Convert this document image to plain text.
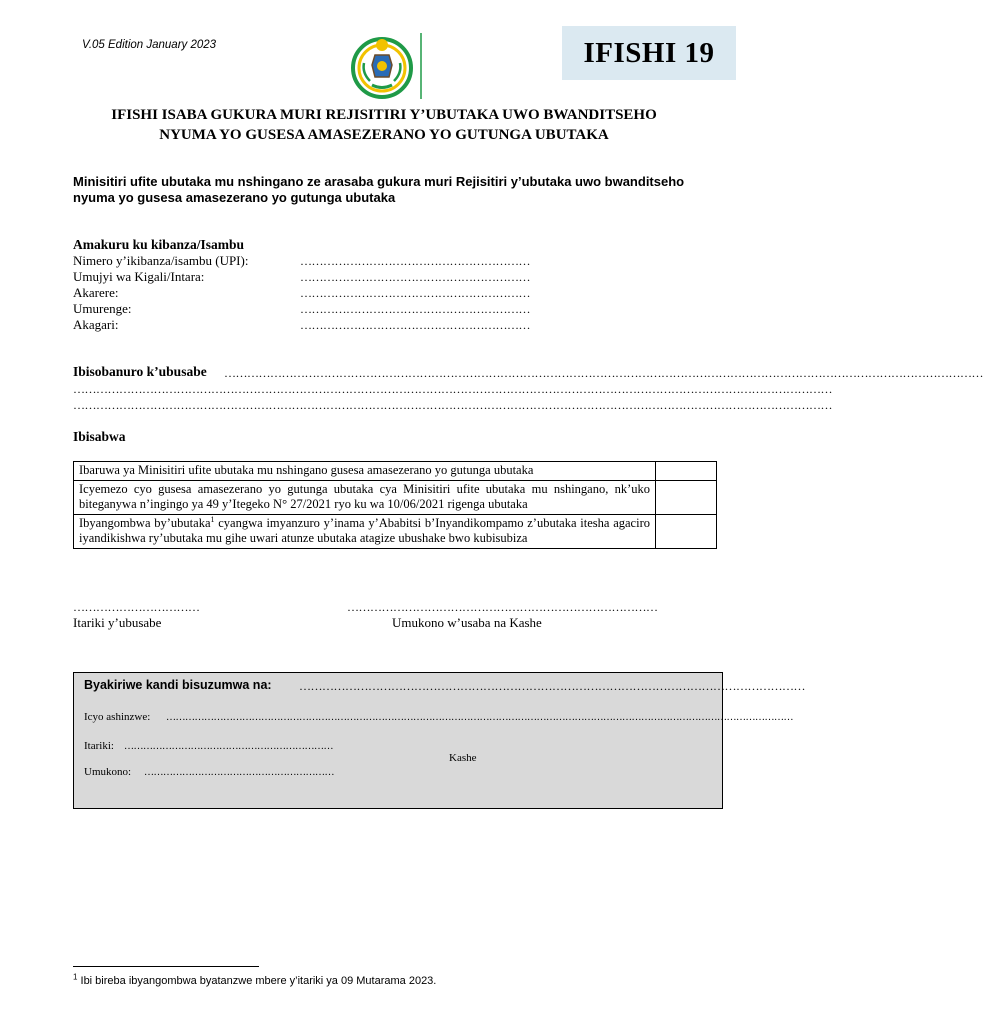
V.05 Edition January 2023	IFISHI 19
IFISHI ISABA GUKURA MURI REJISITIRI Y’UBUTAKA UWO BWANDITSEHO
NYUMA YO GUSESA AMASEZERANO YO GUTUNGA UBUTAKA
Minisitiri ufite ubutaka mu nshingano ze arasaba gukura muri Rejisitiri y’ubutaka uwo bwanditseho nyuma yo gusesa amasezerano yo gutunga ubutaka
Amakuru ku kibanza/Isambu
Nimero y’ikibanza/isambu (UPI):	……………………………………………………
Umujyi wa Kigali/Intara:	……………………………………………………
Akarere:	……………………………………………………
Umurenge:	……………………………………………………
Akagari:	……………………………………………………
Ibisobanuro k’ubusabe ………………………………………………………………………………………………………………………………………………………………………………
………………………………………………………………………………………………………………………………………………………………………………
………………………………………………………………………………………………………………………………………………………………………………
Ibisabwa
Ibaruwa ya Minisitiri ufite ubutaka mu nshingano gusesa amasezerano yo gutunga ubutaka	
Icyemezo cyo gusesa amasezerano yo gutunga ubutaka cya Minisitiri ufite ubutaka mu nshingano, nk’uko biteganywa n’ingingo ya 49 y’Itegeko N° 27/2021 ryo ku wa 10/06/2021 rigenga ubutaka	
Ibyangombwa by’ubutaka$^1$ cyangwa imyanzuro y’inama y’Ababitsi b’Inyandikompamo z’ubutaka itesha agaciro iyandikishwa ry’ubutaka mu gihe uwari atunze ubutaka atagize ubushake bwo kubisubiza	
……………………………	………………………………………………………………………
Itariki y’ubusabe	Umukono w’usaba na Kashe
Byakiriwe kandi bisuzumwa na: ……………………………………………………………………………………………………………………
Icyo ashinzwe: ………………………………………………………………………………………………………………………………………………………………………………
Itariki: …………………………………………………………
Kashe
Umukono: ……………………………………………………
$^1$ Ibi bireba ibyangombwa byatanzwe mbere y’itariki ya 09 Mutarama 2023.
